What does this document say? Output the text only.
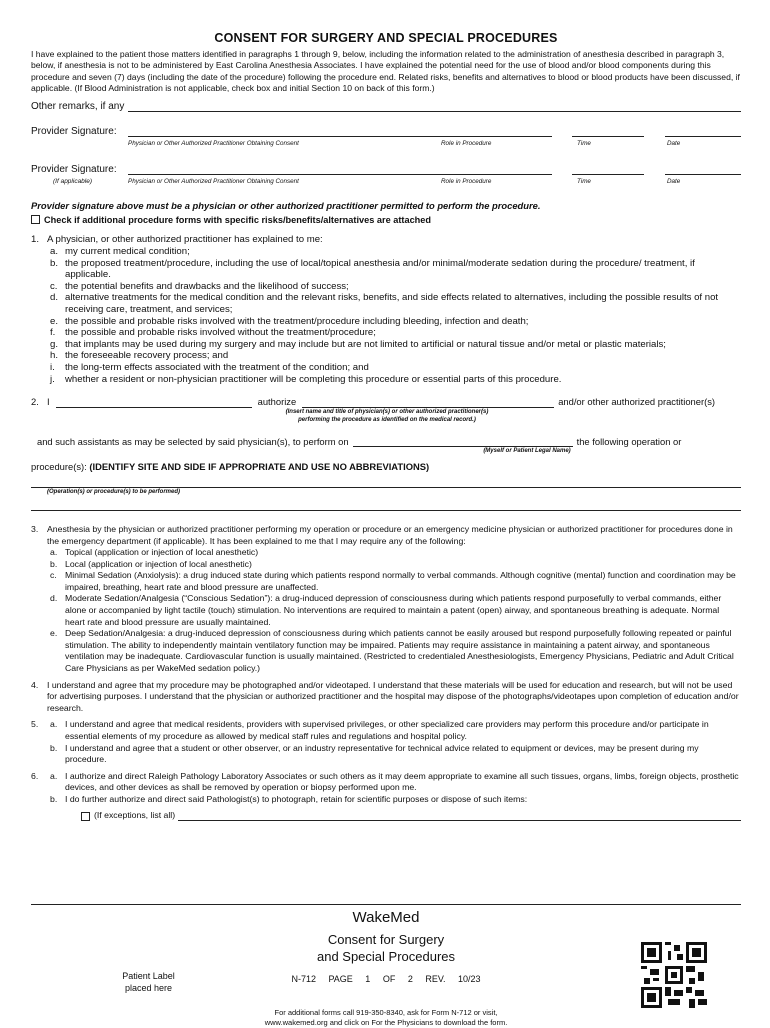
CONSENT FOR SURGERY AND SPECIAL PROCEDURES

I have explained to the patient those matters identified in paragraphs 1 through 9, below, including the information related to the administration of anesthesia described in paragraph 3, below, if anesthesia is not to be administered by East Carolina Anesthesia Associates. I have explained the potential need for the use of blood and/or blood components during this procedure and seven (7) days (including the date of the procedure) following the procedure end. Related risks, benefits and alternatives to blood or blood products have been discussed, if applicable. (If Blood Administration is not applicable, check box and initial Section 10 on back of this form.)

Other remarks, if any
Provider Signature:
Physician or Other Authorized Practitioner Obtaining Consent	Role in Procedure	Time	Date
Provider Signature:
(If applicable)	Physician or Other Authorized Practitioner Obtaining Consent	Role in Procedure	Time	Date
Provider signature above must be a physician or other authorized practitioner permitted to perform the procedure.
Check if additional procedure forms with specific risks/benefits/alternatives are attached
1. A physician, or other authorized practitioner has explained to me:
a. my current medical condition;
b. the proposed treatment/procedure, including the use of local/topical anesthesia and/or minimal/moderate sedation during the procedure/ treatment, if applicable.
c. the potential benefits and drawbacks and the likelihood of success;
d. alternative treatments for the medical condition and the relevant risks, benefits, and side effects related to alternatives, including the possible results of not receiving care, treatment, and services;
e. the possible and probable risks involved with the treatment/procedure including bleeding, infection and death;
f. the possible and probable risks involved without the treatment/procedure;
g. that implants may be used during my surgery and may include but are not limited to artificial or natural tissue and/or metal or plastic materials;
h. the foreseeable recovery process; and
i. the long-term effects associated with the treatment of the condition; and
j. whether a resident or non-physician practitioner will be completing this procedure or essential parts of this procedure.
2. I	authorize	and/or other authorized practitioner(s)
(Insert name and title of physician(s) or other authorized practitioner(s)
performing the procedure as identified on the medical record.)
and such assistants as may be selected by said physician(s), to perform on	the following operation or
(Myself or Patient Legal Name)
procedure(s): (IDENTIFY SITE AND SIDE IF APPROPRIATE AND USE NO ABBREVIATIONS)
(Operation(s) or procedure(s) to be performed)
3. Anesthesia by the physician or authorized practitioner performing my operation or procedure or an emergency medicine physician or authorized practitioner for procedures done in the emergency department (if applicable). It has been explained to me that I may require any of the following:
a. Topical (application or injection of local anesthetic)
b. Local (application or injection of local anesthetic)
c. Minimal Sedation (Anxiolysis): a drug induced state during which patients respond normally to verbal commands. Although cognitive (mental) function and coordination may be impaired, breathing, heart rate and blood pressure are unaffected.
d. Moderate Sedation/Analgesia (“Conscious Sedation”): a drug-induced depression of consciousness during which patients respond purposefully to verbal commands, either alone or accompanied by light tactile (touch) stimulation. No interventions are required to maintain a patent (open) airway, and spontaneous breathing is adequate. Normal heart rate and blood pressure are usually maintained.
e. Deep Sedation/Analgesia: a drug-induced depression of consciousness during which patients cannot be easily aroused but respond purposefully following repeated or painful stimulation. The ability to independently maintain ventilatory function may be impaired. Patients may require assistance in maintaining a patent airway, and spontaneous ventilation may be inadequate. Cardiovascular function is usually maintained. (Restricted to credentialed Anesthesiologists, Emergency Physicians, Pediatric and Adult Critical Care Physicians as per WakeMed sedation policy.)
4. I understand and agree that my procedure may be photographed and/or videotaped. I understand that these materials will be used for education and research, but will not be used for advertising purposes. I understand that the physician or authorized practitioner and the hospital may dispose of the photographs/videotapes upon completion of education and/or research.
5. a. I understand and agree that medical residents, providers with supervised privileges, or other specialized care providers may perform this procedure and/or participate in essential elements of my procedure as allowed by medical staff rules and regulations and hospital policy.
b. I understand and agree that a student or other observer, or an industry representative for technical advice related to equipment or devices, may be present during my procedure.
6. a. I authorize and direct Raleigh Pathology Laboratory Associates or such others as it may deem appropriate to examine all such tissues, organs, limbs, foreign objects, prosthetic devices, and other devices as shall be removed by operation or biopsy performed upon me.
b. I do further authorize and direct said Pathologist(s) to photograph, retain for scientific purposes or dispose of such items:
(If exceptions, list all)
Patient Label
placed here
WakeMed
Consent for Surgery
and Special Procedures
N-712 PAGE 1 OF 2 REV. 10/23
For additional forms call 919-350-8340, ask for Form N-712 or visit,
www.wakemed.org and click on For the Physicians to download the form.
